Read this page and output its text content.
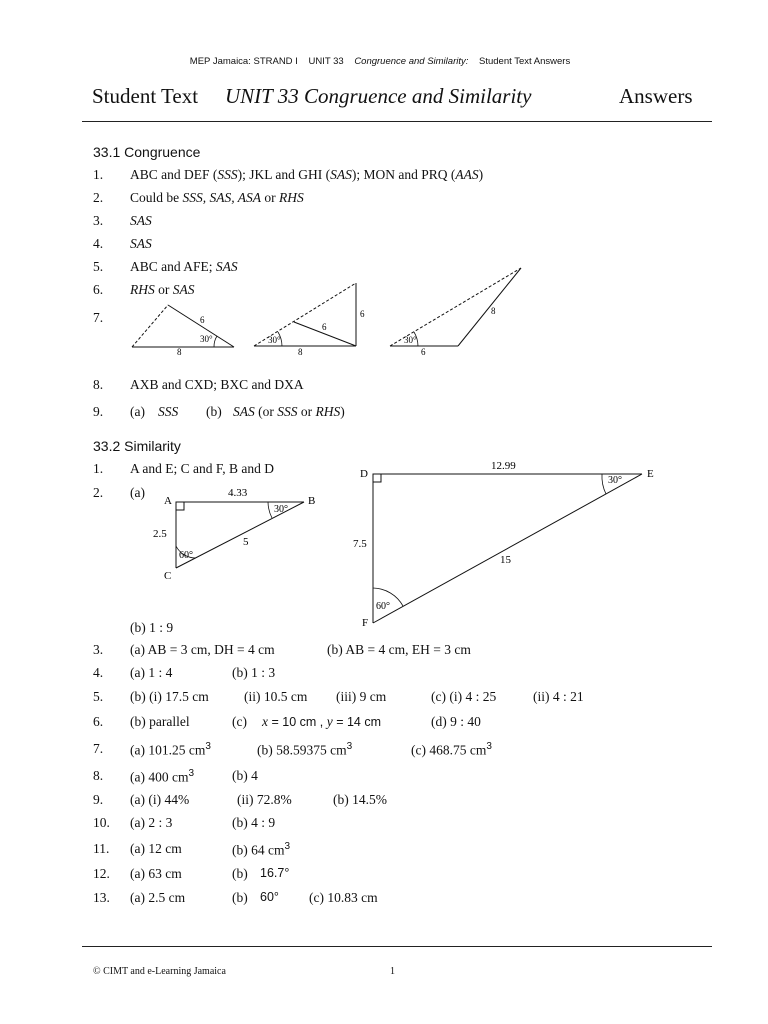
MEP Jamaica: STRAND I UNIT 33 Congruence and Similarity: Student Text Answers
Student Text UNIT 33 Congruence and Similarity	Answers
33.1 Congruence
1. ABC and DEF (SSS); JKL and GHI (SAS); MON and PRQ (AAS)
2. Could be SSS, SAS, ASA or RHS
3. SAS
4. SAS
5. ABC and AFE; SAS
6. RHS or SAS
7.	6
8
30°
6
6
8
30°
8
6
30°
A	B
C
4.33
2.5
5
30°
60°
D	E
F
12.99
7.5
15
30°
60°
8. AXB and CXD; BXC and DXA
9. (a) SSS (b) SAS (or SSS or RHS)
33.2 Similarity
1. A and E; C and F, B and D
2. (a)
(b) 1 : 9
3. (a) AB = 3 cm, DH = 4 cm	(b) AB = 4 cm, EH = 3 cm
4. (a) 1 : 4	(b) 1 : 3
5. (b) (i) 17.5 cm	(ii) 10.5 cm (iii) 9 cm	(c) (i) 4 : 25	(ii) 4 : 21
6. (b) parallel	(c) x = 10 cm , y = 14 cm	(d) 9 : 40
7. (a) 101.25 $cm^3$	(b) 58.59375 $cm^3$	(c) 468.75 $cm^3$
8. (a) 400 $cm^3$	(b) 4
9. (a) (i) 44%	(ii) 72.8%	(b) 14.5%
10. (a) 2 : 3	(b) 4 : 9
11. (a) 12 cm	(b) 64 $cm^3$
12. (a) 63 cm	(b) 16.7°
13. (a) 2.5 cm	(b) 60° (c) 10.83 cm
© CIMT and e-Learning Jamaica	1
